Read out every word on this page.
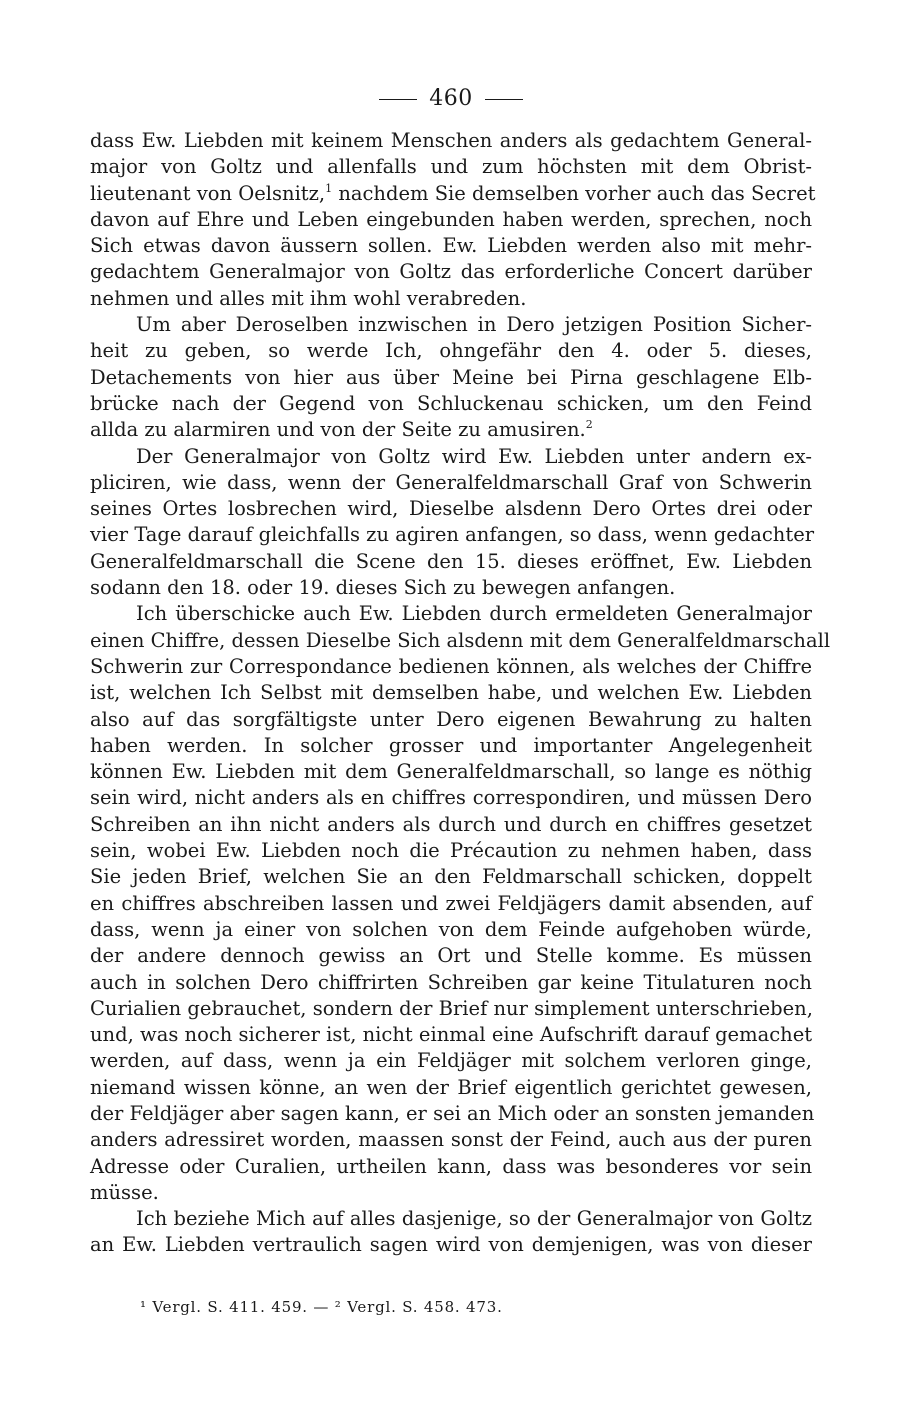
460

dass Ew. Liebden mit keinem Menschen anders als gedachtem General-

major von Goltz und allenfalls und zum höchsten mit dem Obrist-

lieutenant von Oelsnitz,$^1$ nachdem Sie demselben vorher auch das Secret

davon auf Ehre und Leben eingebunden haben werden, sprechen, noch

Sich etwas davon äussern sollen. Ew. Liebden werden also mit mehr-

gedachtem Generalmajor von Goltz das erforderliche Concert darüber

nehmen und alles mit ihm wohl verabreden.

Um aber Deroselben inzwischen in Dero jetzigen Position Sicher-

heit zu geben, so werde Ich, ohngefähr den 4. oder 5. dieses,

Detachements von hier aus über Meine bei Pirna geschlagene Elb-

brücke nach der Gegend von Schluckenau schicken, um den Feind

allda zu alarmiren und von der Seite zu amusiren.$^2$

Der Generalmajor von Goltz wird Ew. Liebden unter andern ex-

pliciren, wie dass, wenn der Generalfeldmarschall Graf von Schwerin

seines Ortes losbrechen wird, Dieselbe alsdenn Dero Ortes drei oder

vier Tage darauf gleichfalls zu agiren anfangen, so dass, wenn gedachter

Generalfeldmarschall die Scene den 15. dieses eröffnet, Ew. Liebden

sodann den 18. oder 19. dieses Sich zu bewegen anfangen.

Ich überschicke auch Ew. Liebden durch ermeldeten Generalmajor

einen Chiffre, dessen Dieselbe Sich alsdenn mit dem Generalfeldmarschall

Schwerin zur Correspondance bedienen können, als welches der Chiffre

ist, welchen Ich Selbst mit demselben habe, und welchen Ew. Liebden

also auf das sorgfältigste unter Dero eigenen Bewahrung zu halten

haben werden. In solcher grosser und importanter Angelegenheit

können Ew. Liebden mit dem Generalfeldmarschall, so lange es nöthig

sein wird, nicht anders als en chiffres correspondiren, und müssen Dero

Schreiben an ihn nicht anders als durch und durch en chiffres gesetzet

sein, wobei Ew. Liebden noch die Précaution zu nehmen haben, dass

Sie jeden Brief, welchen Sie an den Feldmarschall schicken, doppelt

en chiffres abschreiben lassen und zwei Feldjägers damit absenden, auf

dass, wenn ja einer von solchen von dem Feinde aufgehoben würde,

der andere dennoch gewiss an Ort und Stelle komme. Es müssen

auch in solchen Dero chiffrirten Schreiben gar keine Titulaturen noch

Curialien gebrauchet, sondern der Brief nur simplement unterschrieben,

und, was noch sicherer ist, nicht einmal eine Aufschrift darauf gemachet

werden, auf dass, wenn ja ein Feldjäger mit solchem verloren ginge,

niemand wissen könne, an wen der Brief eigentlich gerichtet gewesen,

der Feldjäger aber sagen kann, er sei an Mich oder an sonsten jemanden

anders adressiret worden, maassen sonst der Feind, auch aus der puren

Adresse oder Curalien, urtheilen kann, dass was besonderes vor sein

müsse.

Ich beziehe Mich auf alles dasjenige, so der Generalmajor von Goltz

an Ew. Liebden vertraulich sagen wird von demjenigen, was von dieser

¹ Vergl. S. 411. 459. — ² Vergl. S. 458. 473.
